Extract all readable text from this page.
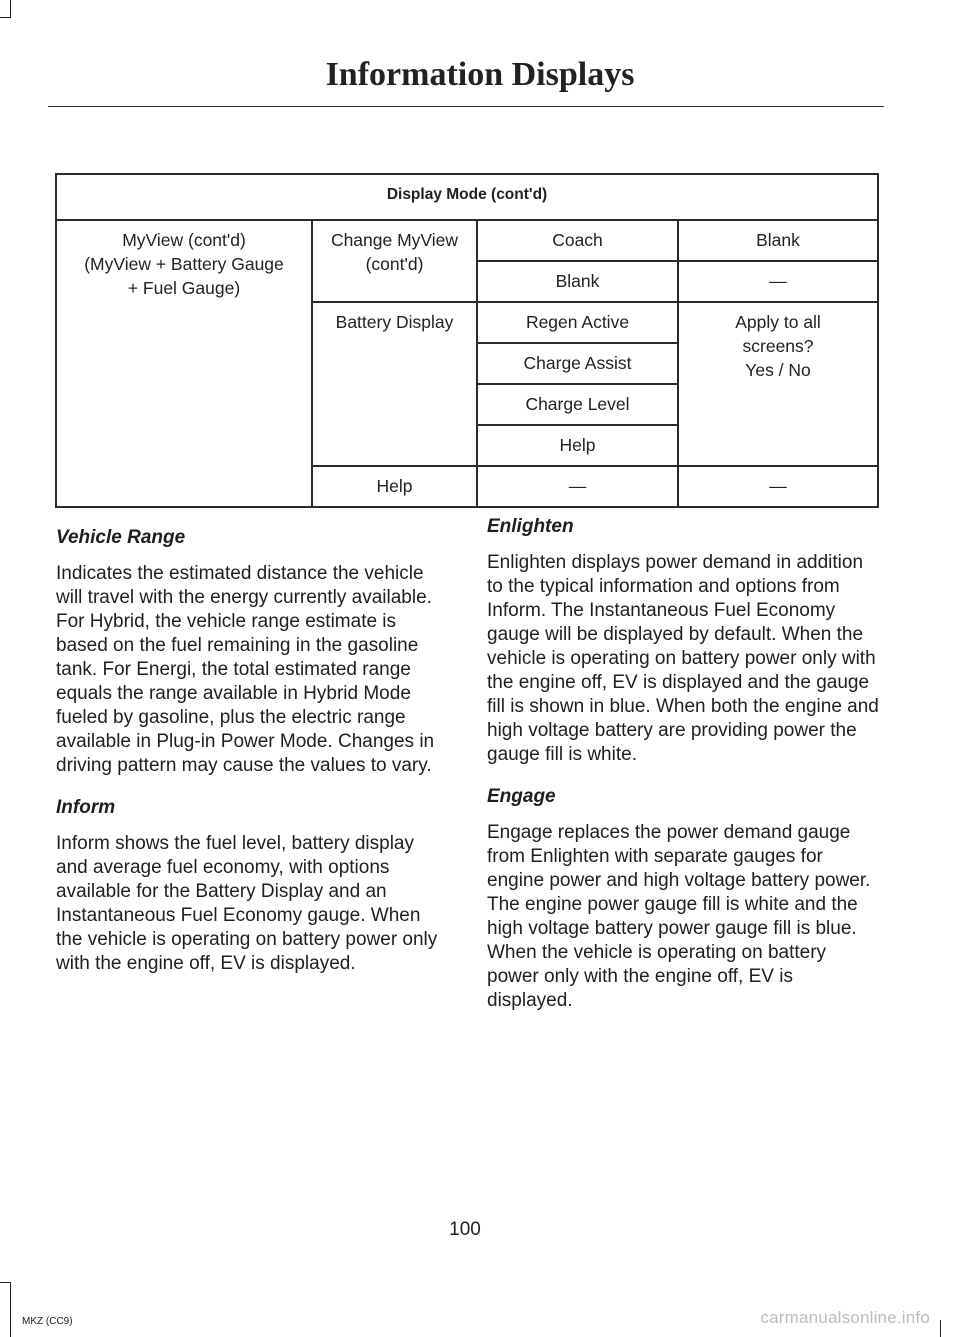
Information Displays
Display Mode (cont'd)			
MyView (cont'd)
(MyView + Battery Gauge
+ Fuel Gauge)	Change MyView
(cont'd)	Coach	Blank
		Blank	—
	Battery Display	Regen Active	Apply to all
screens?
Yes / No
		Charge Assist	
		Charge Level	
		Help	
	Help	—	—
Vehicle Range

Indicates the estimated distance the vehicle will travel with the energy currently available. For Hybrid, the vehicle range estimate is based on the fuel remaining in the gasoline tank. For Energi, the total estimated range equals the range available in Hybrid Mode fueled by gasoline, plus the electric range available in Plug-in Power Mode. Changes in driving pattern may cause the values to vary.

Inform

Inform shows the fuel level, battery display and average fuel economy, with options available for the Battery Display and an Instantaneous Fuel Economy gauge. When the vehicle is operating on battery power only with the engine off, EV is displayed.

Enlighten

Enlighten displays power demand in addition to the typical information and options from Inform. The Instantaneous Fuel Economy gauge will be displayed by default. When the vehicle is operating on battery power only with the engine off, EV is displayed and the gauge fill is shown in blue. When both the engine and high voltage battery are providing power the gauge fill is white.

Engage

Engage replaces the power demand gauge from Enlighten with separate gauges for engine power and high voltage battery power. The engine power gauge fill is white and the high voltage battery power gauge fill is blue. When the vehicle is operating on battery power only with the engine off, EV is displayed.

100
MKZ (CC9)	carmanualsonline.info
